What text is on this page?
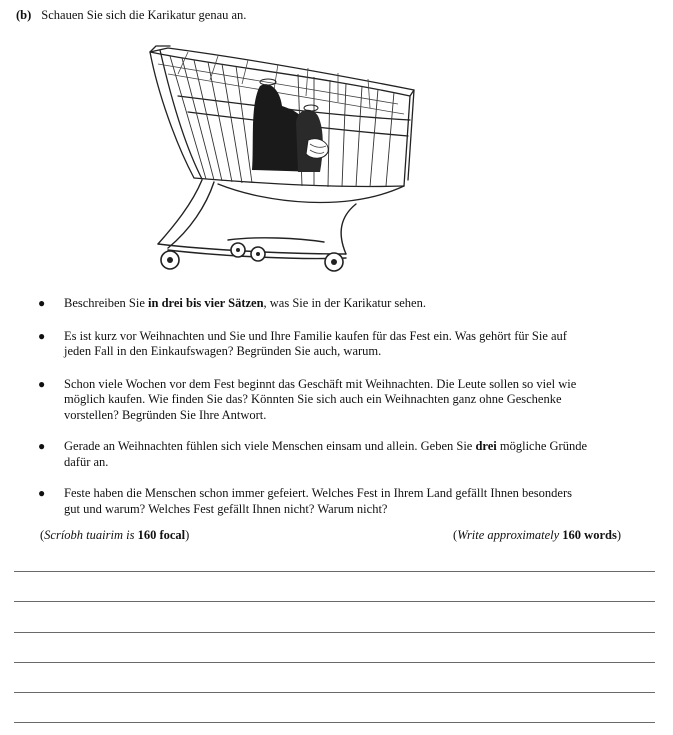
(b) Schauen Sie sich die Karikatur genau an.
● Beschreiben Sie in drei bis vier Sätzen, was Sie in der Karikatur sehen.
● Es ist kurz vor Weihnachten und Sie und Ihre Familie kaufen für das Fest ein. Was gehört für Sie auf
jeden Fall in den Einkaufswagen? Begründen Sie auch, warum.
● Schon viele Wochen vor dem Fest beginnt das Geschäft mit Weihnachten. Die Leute sollen so viel wie
möglich kaufen. Wie finden Sie das? Könnten Sie sich auch ein Weihnachten ganz ohne Geschenke
vorstellen? Begründen Sie Ihre Antwort.
● Gerade an Weihnachten fühlen sich viele Menschen einsam und allein. Geben Sie drei mögliche Gründe
dafür an.
● Feste haben die Menschen schon immer gefeiert. Welches Fest in Ihrem Land gefällt Ihnen besonders
gut und warum? Welches Fest gefällt Ihnen nicht? Warum nicht?
(Scríobh tuairim is 160 focal)	(Write approximately 160 words)
